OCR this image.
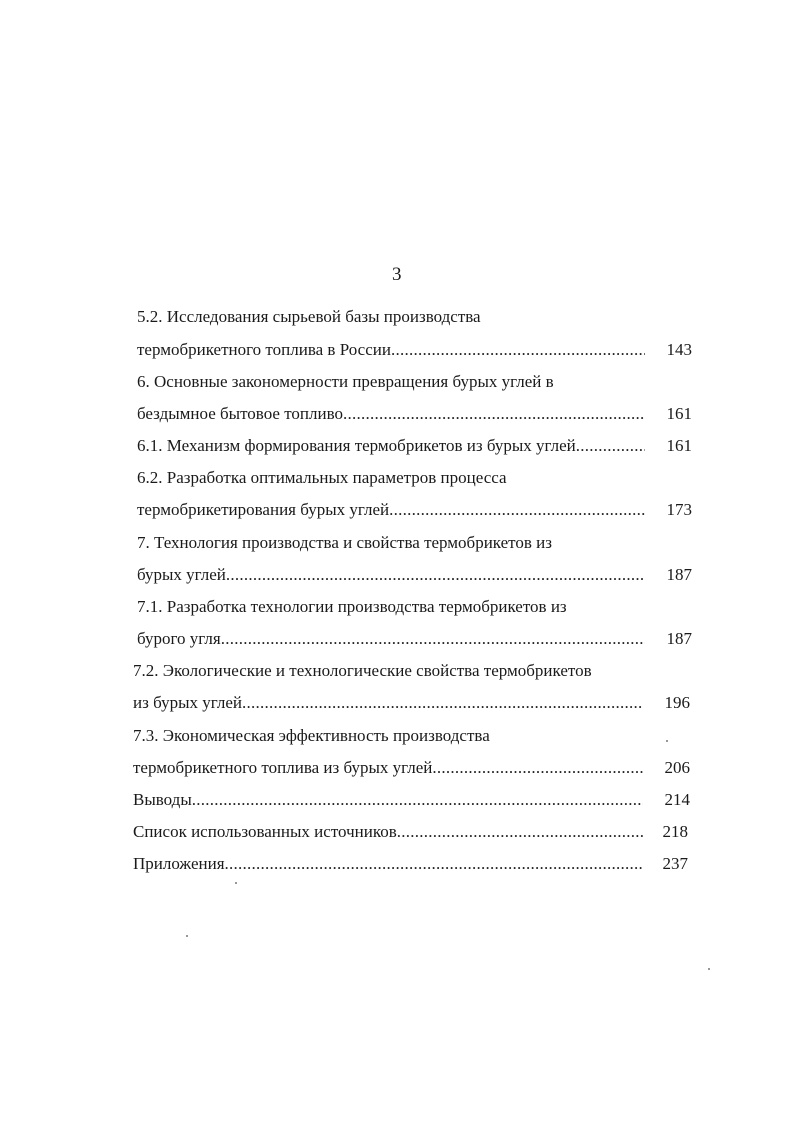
3
5.2. Исследования сырьевой базы производства
термобрикетного топлива в России . . .	143
6. Основные закономерности превращения бурых углей в
бездымное бытовое топливо . . .	161
6.1. Механизм формирования термобрикетов из бурых углей . . .	161
6.2. Разработка оптимальных параметров процесса
термобрикетирования бурых углей . . .	173
7. Технология производства и свойства термобрикетов из
бурых углей . . .	187
7.1. Разработка технологии производства термобрикетов из
бурого угля . . .	187
7.2. Экологические и технологические свойства термобрикетов
из бурых углей . . .	196
7.3. Экономическая эффективность производства
термобрикетного топлива из бурых углей . . .	206
Выводы . . .	214
Список использованных источников . . .	218
Приложения . . .	237
